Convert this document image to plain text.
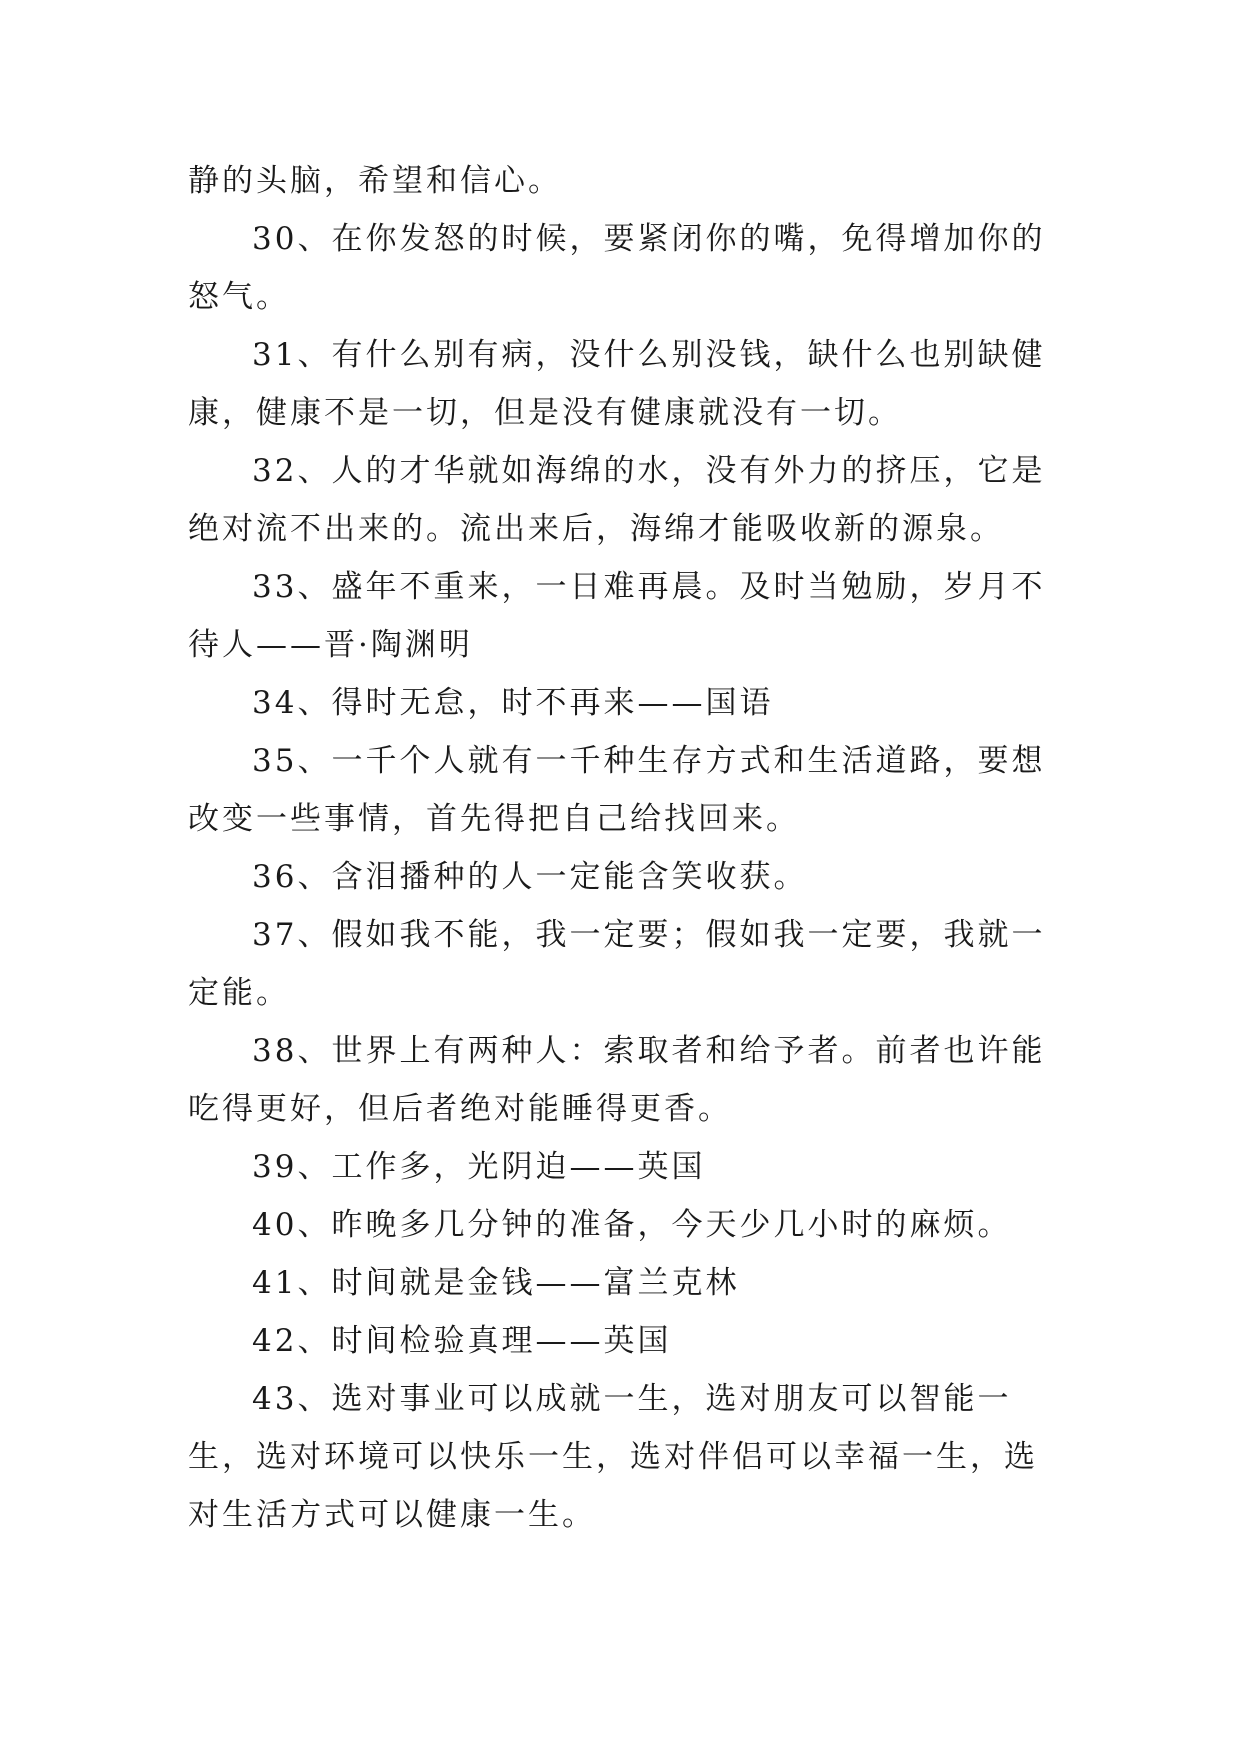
静的头脑，希望和信心。

30、在你发怒的时候，要紧闭你的嘴，免得增加你的怒气。

31、有什么别有病，没什么别没钱，缺什么也别缺健康，健康不是一切，但是没有健康就没有一切。

32、人的才华就如海绵的水，没有外力的挤压，它是绝对流不出来的。流出来后，海绵才能吸收新的源泉。

33、盛年不重来，一日难再晨。及时当勉励，岁月不待人——晋·陶渊明

34、得时无怠，时不再来——国语

35、一千个人就有一千种生存方式和生活道路，要想改变一些事情，首先得把自己给找回来。

36、含泪播种的人一定能含笑收获。

37、假如我不能，我一定要；假如我一定要，我就一定能。

38、世界上有两种人：索取者和给予者。前者也许能吃得更好，但后者绝对能睡得更香。

39、工作多，光阴迫——英国

40、昨晚多几分钟的准备，今天少几小时的麻烦。

41、时间就是金钱——富兰克林

42、时间检验真理——英国

43、选对事业可以成就一生，选对朋友可以智能一生，选对环境可以快乐一生，选对伴侣可以幸福一生，选对生活方式可以健康一生。
